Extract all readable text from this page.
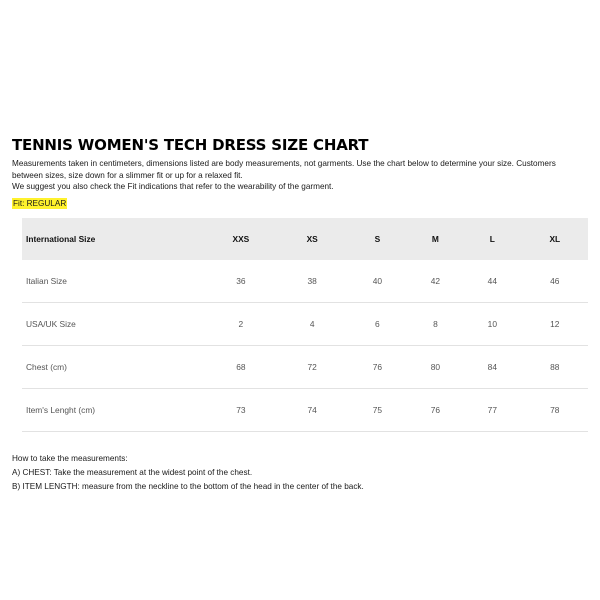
TENNIS WOMEN'S TECH DRESS SIZE CHART

Measurements taken in centimeters, dimensions listed are body measurements, not garments. Use the chart below to determine your size. Customers

between sizes, size down for a slimmer fit or up for a relaxed fit.

We suggest you also check the Fit indications that refer to the wearability of the garment.

Fit: REGULAR
International Size	XXS	XS	S	M	L	XL
Italian Size	36	38	40	42	44	46
USA/UK Size	2	4	6	8	10	12
Chest (cm)	68	72	76	80	84	88
Item's Lenght (cm)	73	74	75	76	77	78

How to take the measurements:

A) CHEST: Take the measurement at the widest point of the chest.

B) ITEM LENGTH: measure from the neckline to the bottom of the head in the center of the back.
